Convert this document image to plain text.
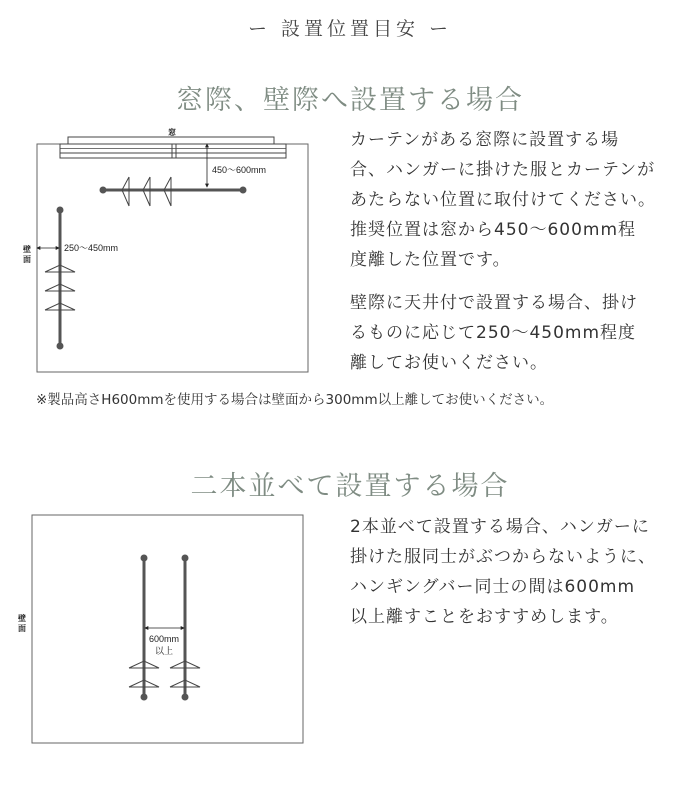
ー 設置位置目安 ー
窓際、壁際へ設置する場合
カーテンがある窓際に設置する場
合、ハンガーに掛けた服とカーテンが
あたらない位置に取付けてください。
推奨位置は窓から450〜600mm程
度離した位置です。
壁際に天井付で設置する場合、掛け
るものに応じて250〜450mm程度
離してお使いください。
※製品高さH600mmを使用する場合は壁面から300mm以上離してお使いください。
二本並べて設置する場合
2本並べて設置する場合、ハンガーに
掛けた服同士がぶつからないように、
ハンギングバー同士の間は600mm
以上離すことをおすすめします。
窓
450〜600mm
250〜450mm
壁
面
壁
面
600mm
以上
